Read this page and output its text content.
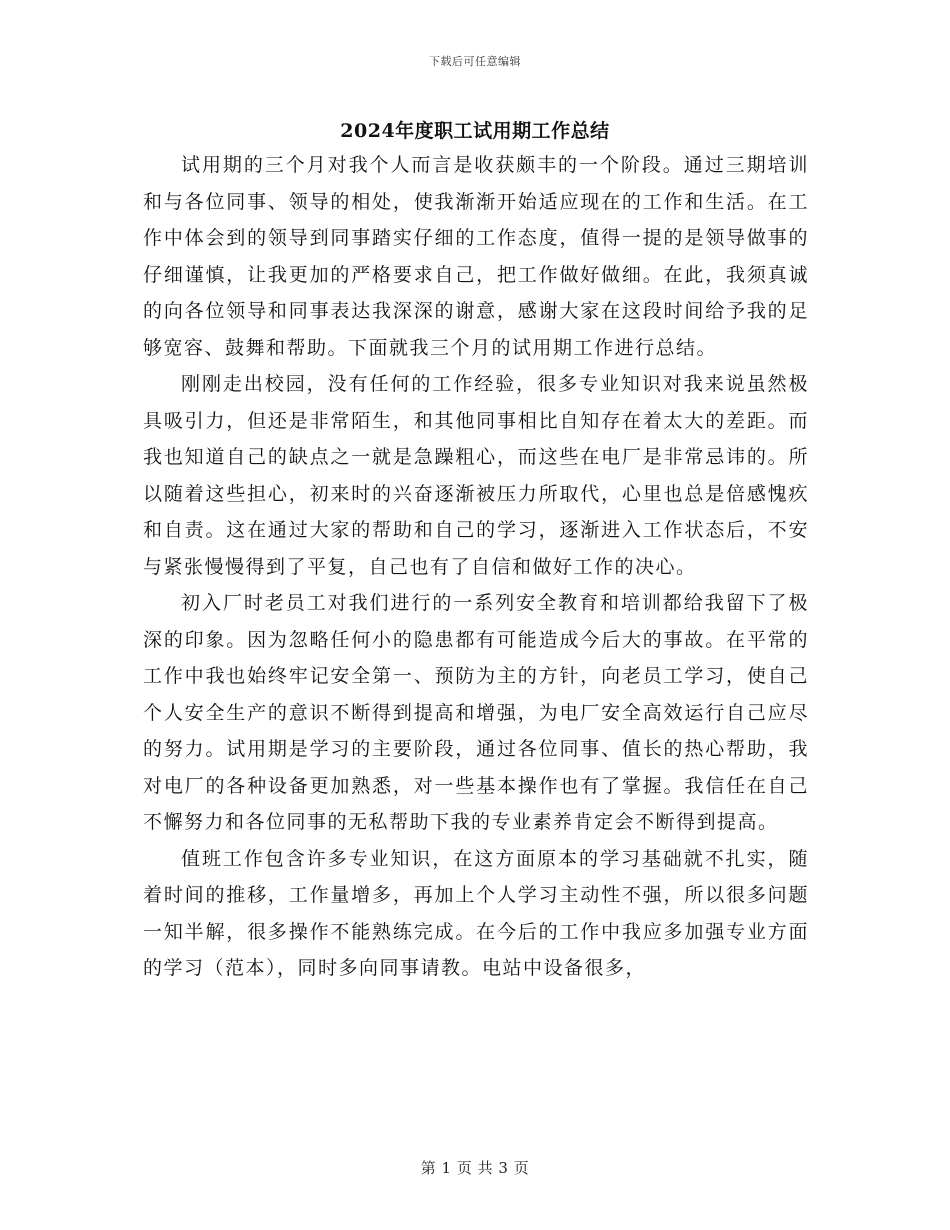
下载后可任意编辑
2024年度职工试用期工作总结

试用期的三个月对我个人而言是收获颇丰的一个阶段。通过三期培训和与各位同事、领导的相处，使我渐渐开始适应现在的工作和生活。在工作中体会到的领导到同事踏实仔细的工作态度，值得一提的是领导做事的仔细谨慎，让我更加的严格要求自己，把工作做好做细。在此，我须真诚的向各位领导和同事表达我深深的谢意，感谢大家在这段时间给予我的足够宽容、鼓舞和帮助。下面就我三个月的试用期工作进行总结。

刚刚走出校园，没有任何的工作经验，很多专业知识对我来说虽然极具吸引力，但还是非常陌生，和其他同事相比自知存在着太大的差距。而我也知道自己的缺点之一就是急躁粗心，而这些在电厂是非常忌讳的。所以随着这些担心，初来时的兴奋逐渐被压力所取代，心里也总是倍感愧疚和自责。这在通过大家的帮助和自己的学习，逐渐进入工作状态后，不安与紧张慢慢得到了平复，自己也有了自信和做好工作的决心。

初入厂时老员工对我们进行的一系列安全教育和培训都给我留下了极深的印象。因为忽略任何小的隐患都有可能造成今后大的事故。在平常的工作中我也始终牢记安全第一、预防为主的方针，向老员工学习，使自己个人安全生产的意识不断得到提高和增强，为电厂安全高效运行自己应尽的努力。试用期是学习的主要阶段，通过各位同事、值长的热心帮助，我对电厂的各种设备更加熟悉，对一些基本操作也有了掌握。我信任在自己不懈努力和各位同事的无私帮助下我的专业素养肯定会不断得到提高。

值班工作包含许多专业知识，在这方面原本的学习基础就不扎实，随着时间的推移，工作量增多，再加上个人学习主动性不强，所以很多问题一知半解，很多操作不能熟练完成。在今后的工作中我应多加强专业方面的学习（范本），同时多向同事请教。电站中设备很多，

第 1 页 共 3 页
